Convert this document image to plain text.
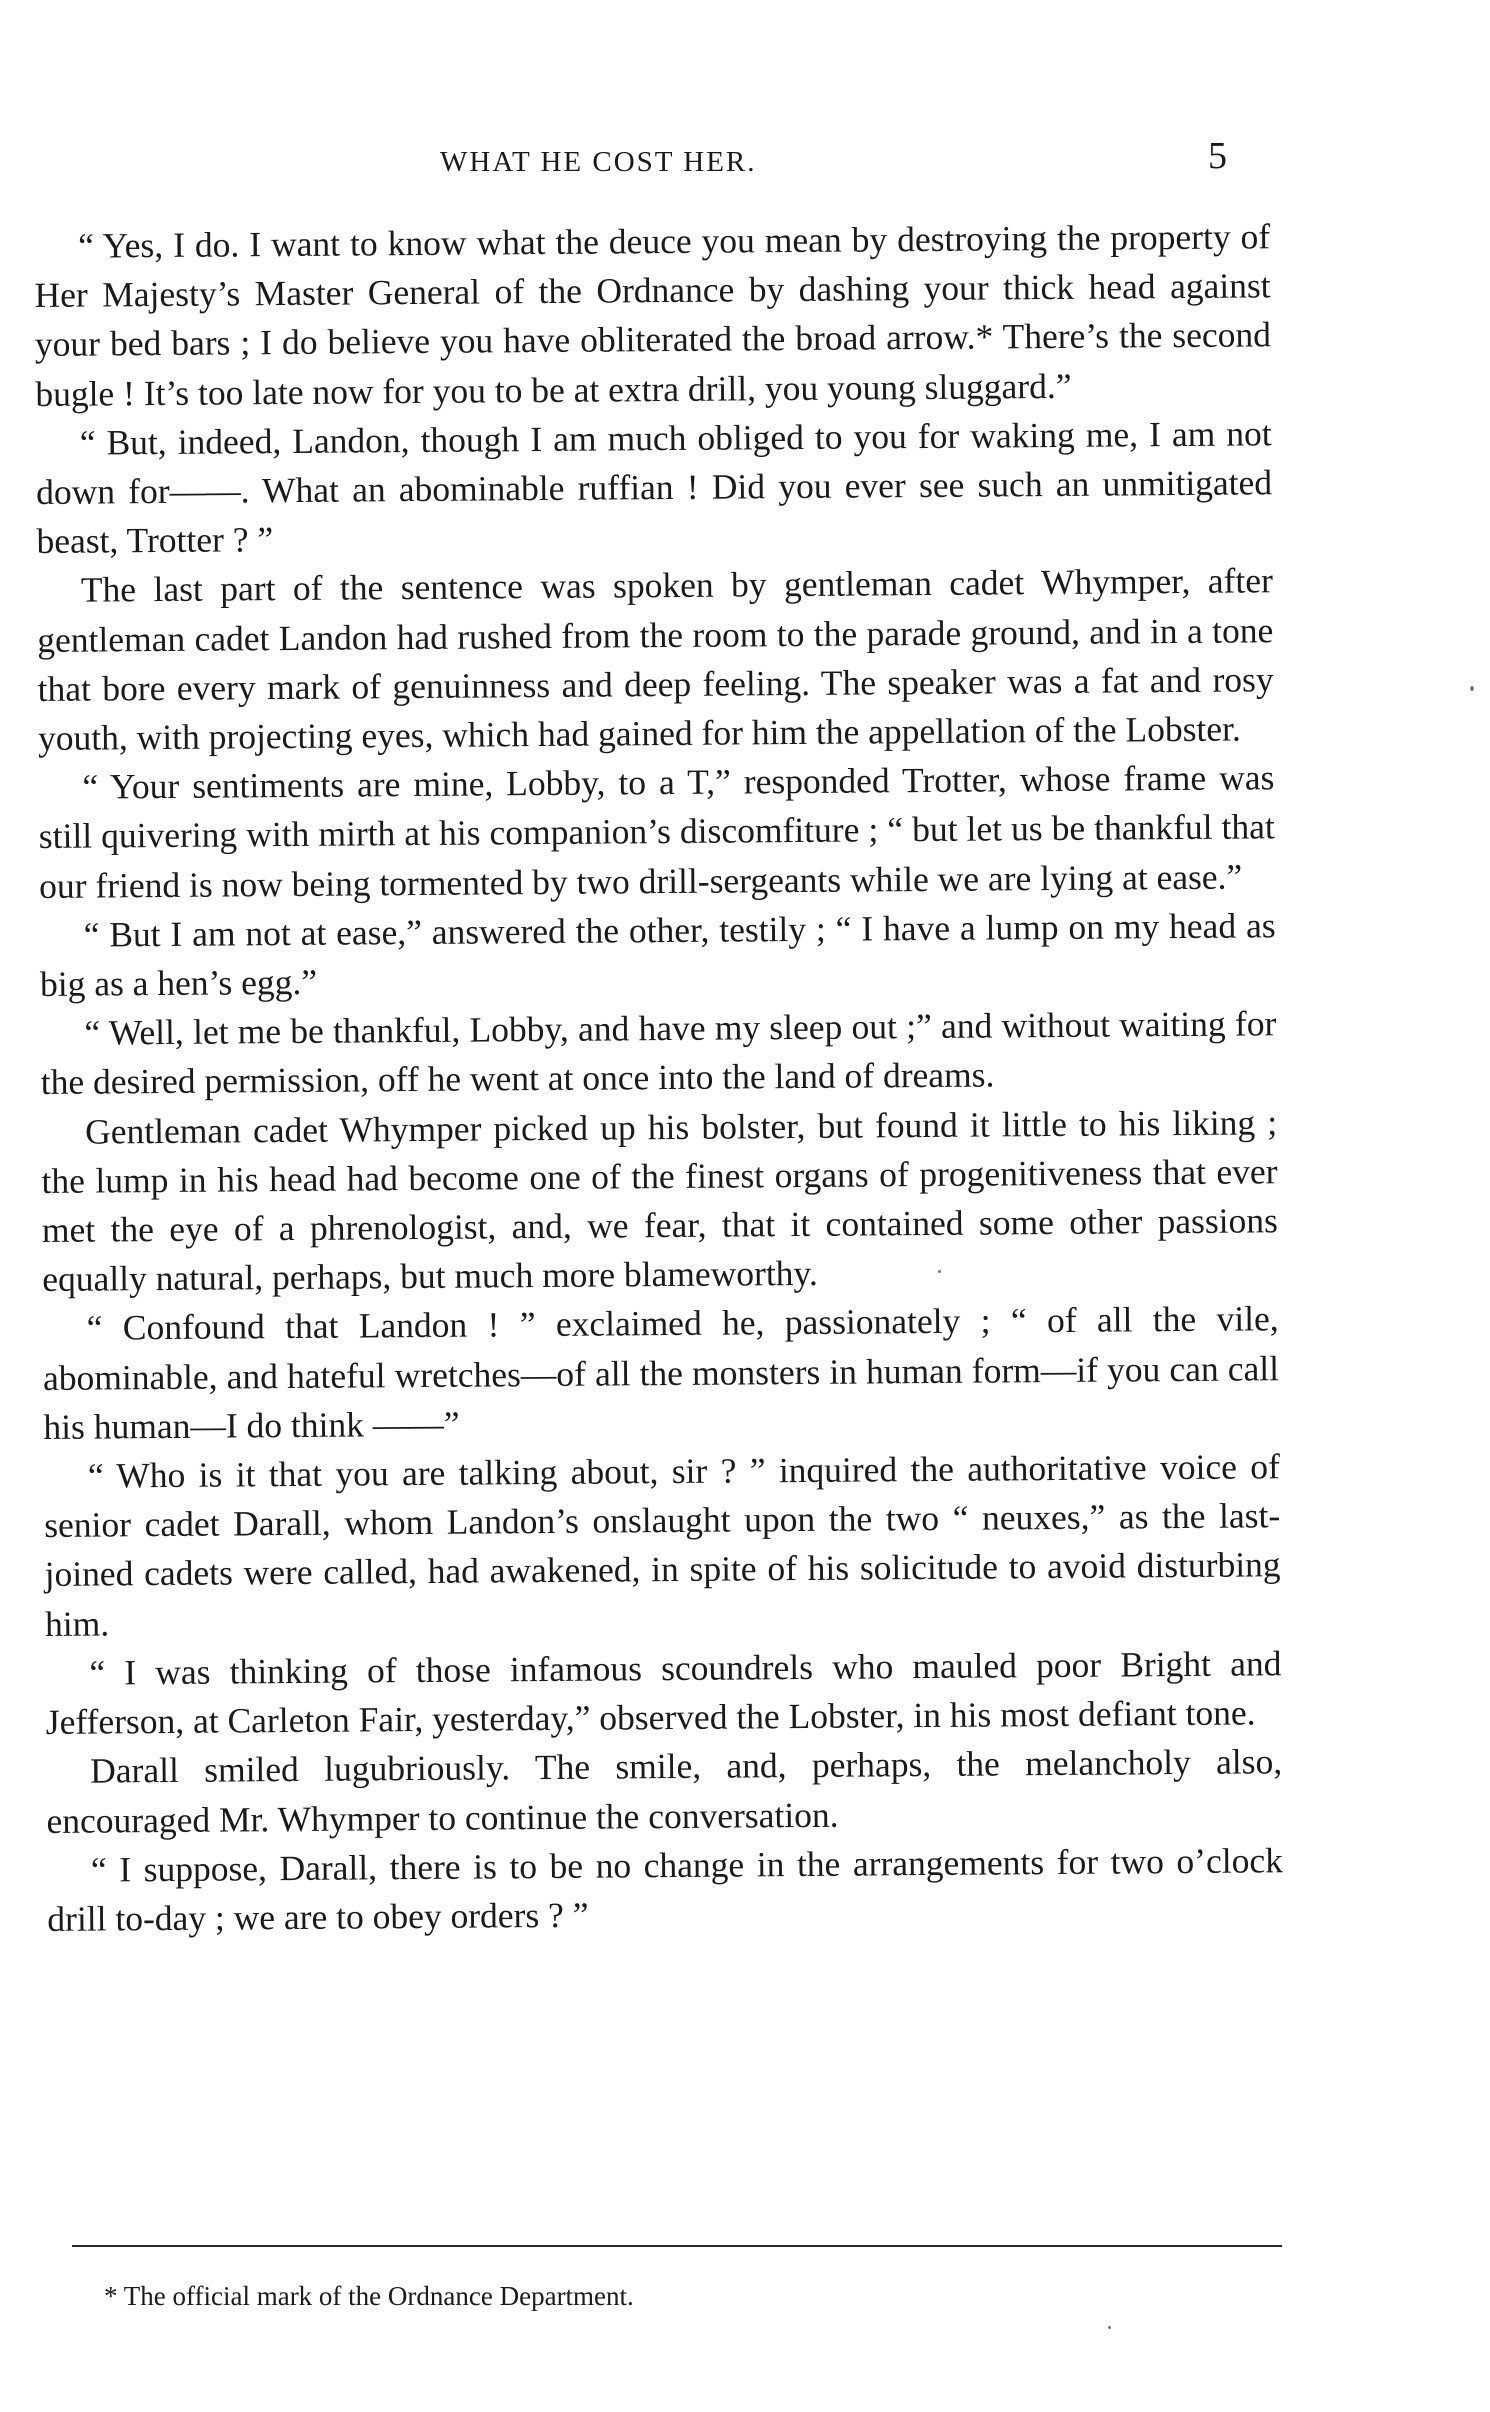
WHAT HE COST HER.	5

“ Yes, I do. I want to know what the deuce you mean by destroying the property of Her Majesty’s Master General of the Ordnance by dashing your thick head against your bed bars ; I do believe you have obliterated the broad arrow.* There’s the second bugle ! It’s too late now for you to be at extra drill, you young sluggard.”

“ But, indeed, Landon, though I am much obliged to you for waking me, I am not down for——. What an abominable ruffian ! Did you ever see such an unmitigated beast, Trotter ? ”

The last part of the sentence was spoken by gentleman cadet Whymper, after gentleman cadet Landon had rushed from the room to the parade ground, and in a tone that bore every mark of genuinness and deep feeling. The speaker was a fat and rosy youth, with projecting eyes, which had gained for him the appellation of the Lobster.

“ Your sentiments are mine, Lobby, to a T,” responded Trotter, whose frame was still quivering with mirth at his companion’s discomfiture ; “ but let us be thankful that our friend is now being tormented by two drill-sergeants while we are lying at ease.”

“ But I am not at ease,” answered the other, testily ; “ I have a lump on my head as big as a hen’s egg.”

“ Well, let me be thankful, Lobby, and have my sleep out ;” and without waiting for the desired permission, off he went at once into the land of dreams.

Gentleman cadet Whymper picked up his bolster, but found it little to his liking ; the lump in his head had become one of the finest organs of progenitiveness that ever met the eye of a phrenologist, and, we fear, that it contained some other passions equally natural, perhaps, but much more blameworthy.

“ Confound that Landon ! ” exclaimed he, passionately ; “ of all the vile, abominable, and hateful wretches—of all the monsters in human form—if you can call his human—I do think ——”

“ Who is it that you are talking about, sir ? ” inquired the authoritative voice of senior cadet Darall, whom Landon’s onslaught upon the two “ neuxes,” as the last-joined cadets were called, had awakened, in spite of his solicitude to avoid disturbing him.

“ I was thinking of those infamous scoundrels who mauled poor Bright and Jefferson, at Carleton Fair, yesterday,” observed the Lobster, in his most defiant tone.

Darall smiled lugubriously. The smile, and, perhaps, the melancholy also, encouraged Mr. Whymper to continue the conversation.

“ I suppose, Darall, there is to be no change in the arrangements for two o’clock drill to-day ; we are to obey orders ? ”

* The official mark of the Ordnance Department.
